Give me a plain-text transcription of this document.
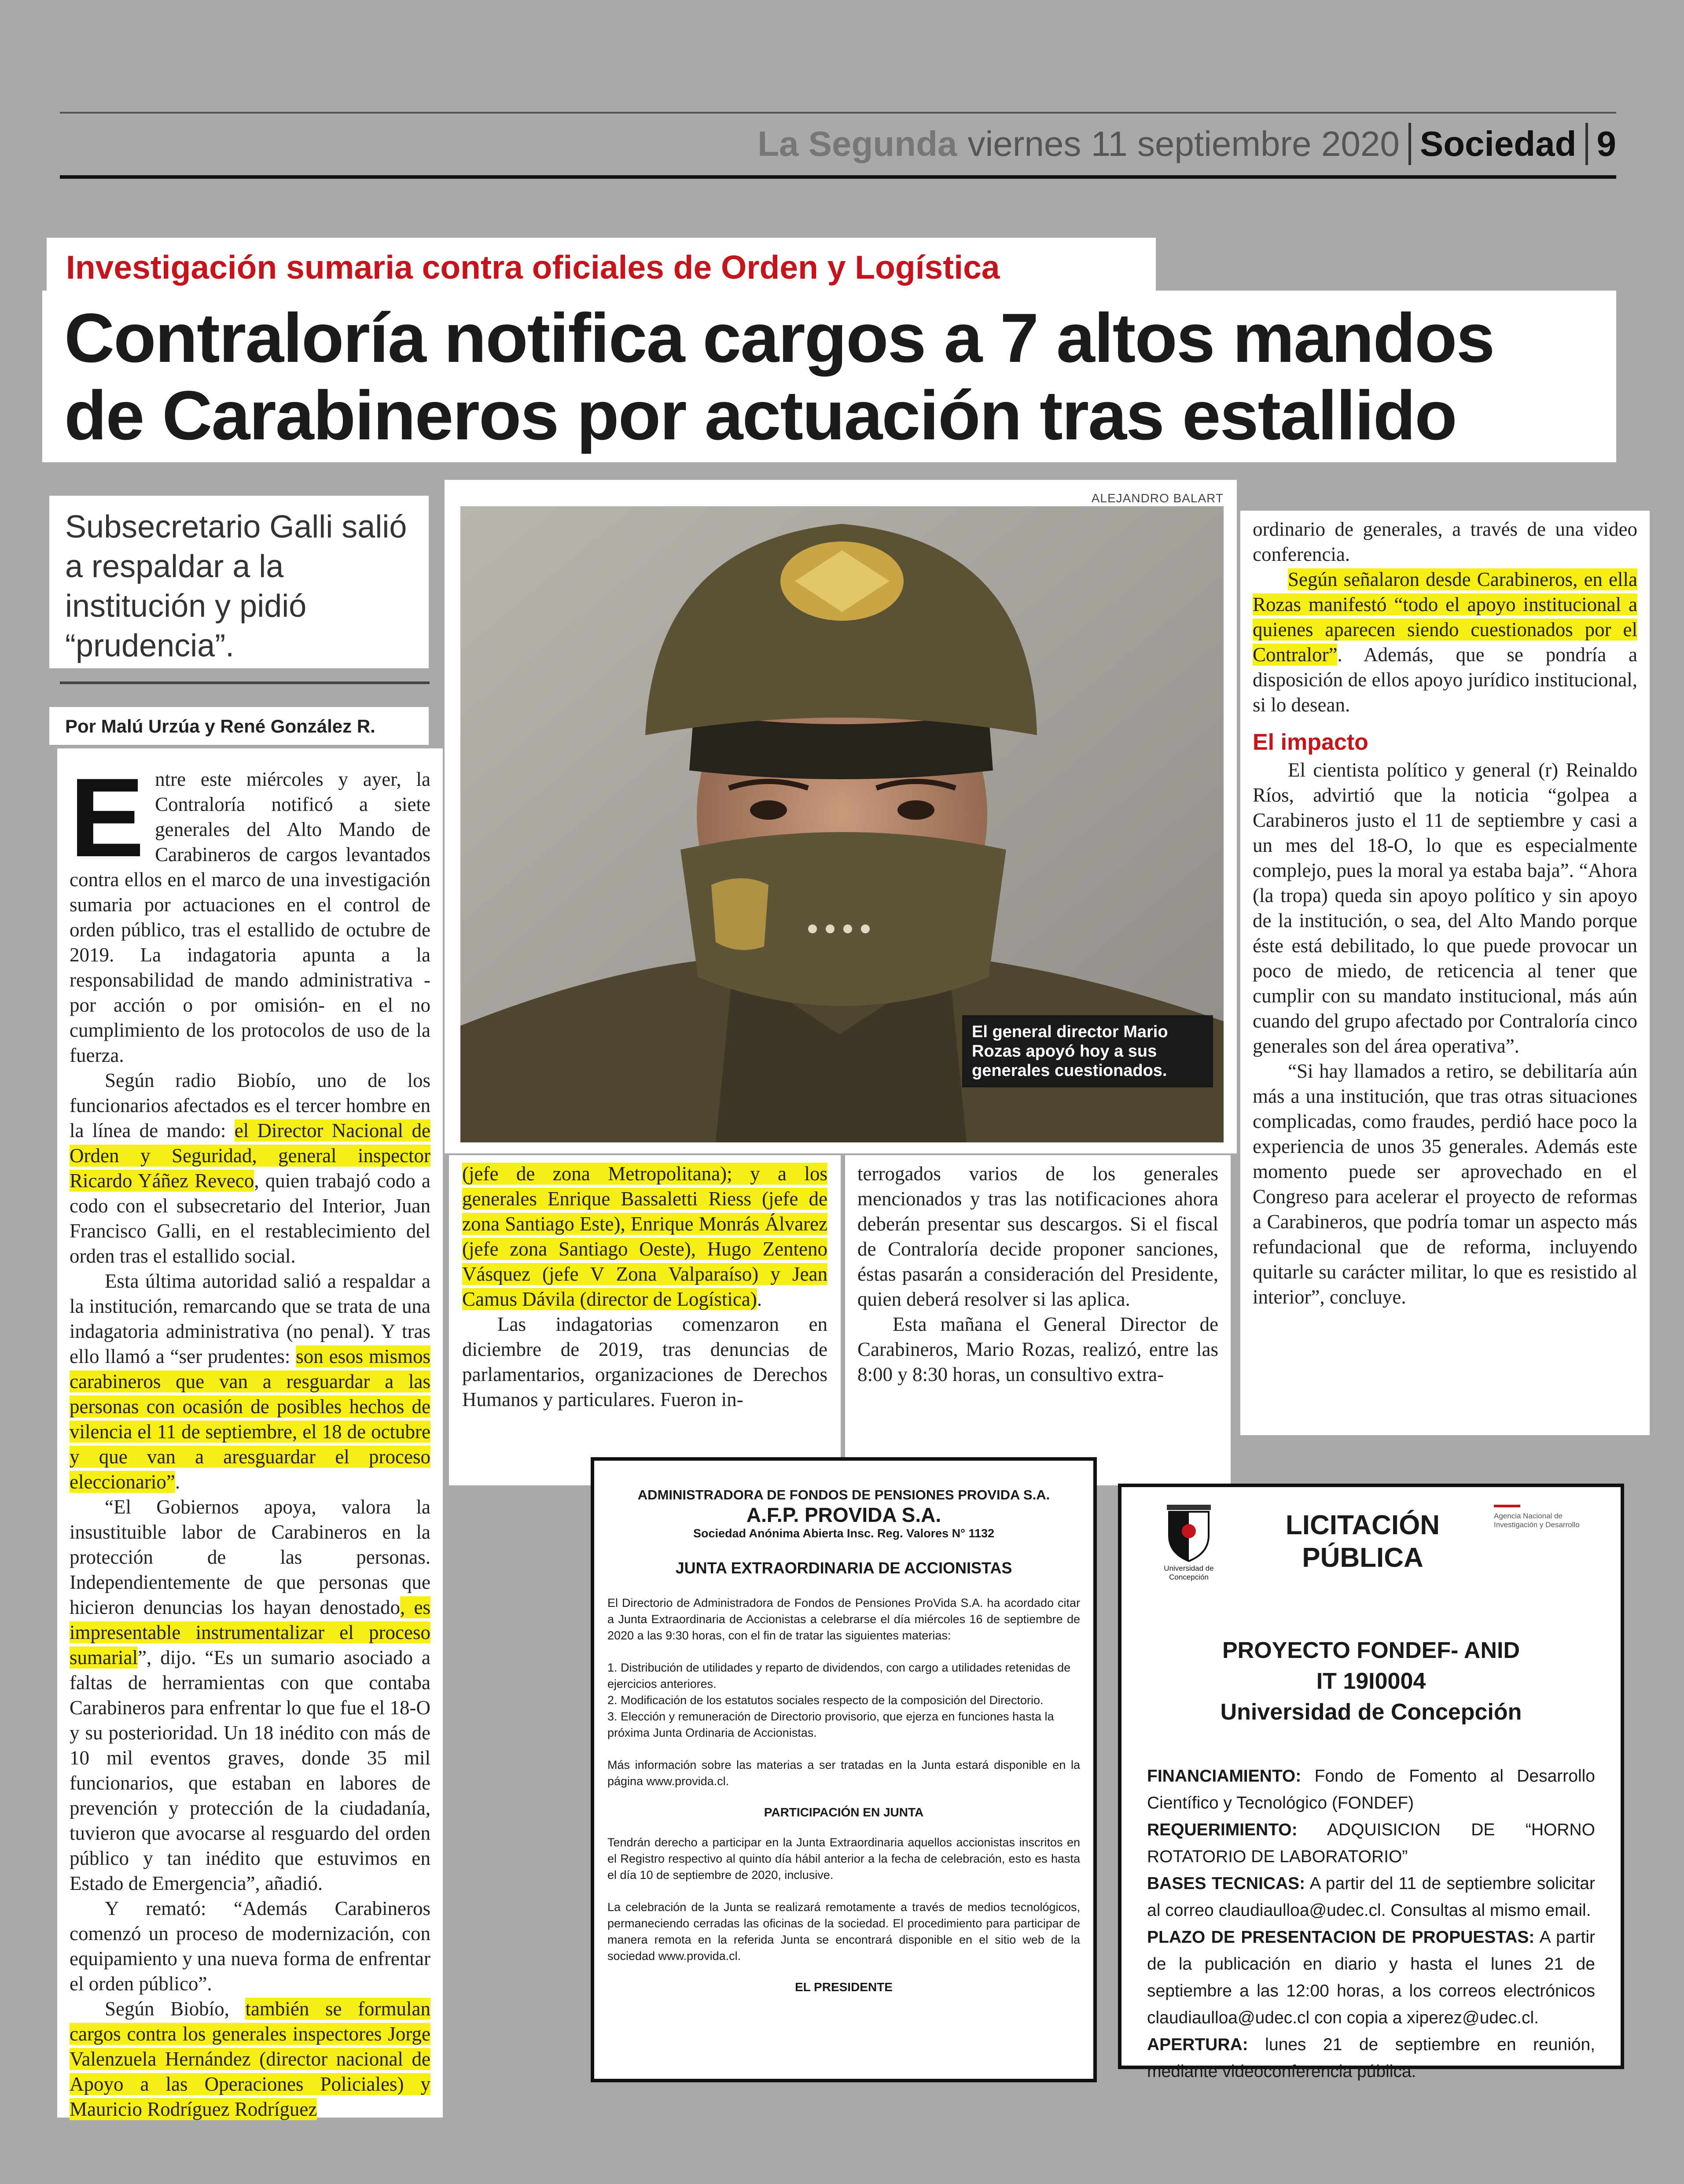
La Segunda viernes 11 septiembre 2020 Sociedad 9
Investigación sumaria contra oficiales de Orden y Logística
Contraloría notifica cargos a 7 altos mandos
de Carabineros por actuación tras estallido
Subsecretario Galli salió a respaldar a la institución y pidió “prudencia”.
Por Malú Urzúa y René González R.

Entre este miércoles y ayer, la Contraloría notificó a siete generales del Alto Mando de Carabineros de cargos levantados contra ellos en el marco de una investigación sumaria por actuaciones en el control de orden público, tras el estallido de octubre de 2019. La indagatoria apunta a la responsabilidad de mando administrativa -por acción o por omisión- en el no cumplimiento de los protocolos de uso de la fuerza.

Según radio Biobío, uno de los funcionarios afectados es el tercer hombre en la línea de mando: el Director Nacional de Orden y Seguridad, general inspector Ricardo Yáñez Reveco, quien trabajó codo a codo con el subsecretario del Interior, Juan Francisco Galli, en el restablecimiento del orden tras el estallido social.

Esta última autoridad salió a respaldar a la institución, remarcando que se trata de una indagatoria administrativa (no penal). Y tras ello llamó a “ser prudentes: son esos mismos carabineros que van a resguardar a las personas con ocasión de posibles hechos de vilencia el 11 de septiembre, el 18 de octubre y que van a aresguardar el proceso eleccionario”.

“El Gobiernos apoya, valora la insustituible labor de Carabineros en la protección de las personas. Independientemente de que personas que hicieron denuncias los hayan denostado, es impresentable instrumentalizar el proceso sumarial”, dijo. “Es un sumario asociado a faltas de herramientas con que contaba Carabineros para enfrentar lo que fue el 18-O y su posterioridad. Un 18 inédito con más de 10 mil eventos graves, donde 35 mil funcionarios, que estaban en labores de prevención y protección de la ciudadanía, tuvieron que avocarse al resguardo del orden público y tan inédito que estuvimos en Estado de Emergencia”, añadió.

Y remató: “Además Carabineros comenzó un proceso de modernización, con equipamiento y una nueva forma de enfrentar el orden público”.

Según Biobío, también se formulan cargos contra los generales inspectores Jorge Valenzuela Hernández (director nacional de Apoyo a las Operaciones Policiales) y Mauricio Rodríguez Rodríguez

ALEJANDRO BALART
El general director Mario Rozas apoyó hoy a sus generales cuestionados.

(jefe de zona Metropolitana); y a los generales Enrique Bassaletti Riess (jefe de zona Santiago Este), Enrique Monrás Álvarez (jefe zona Santiago Oeste), Hugo Zenteno Vásquez (jefe V Zona Valparaíso) y Jean Camus Dávila (director de Logística).

Las indagatorias comenzaron en diciembre de 2019, tras denuncias de parlamentarios, organizaciones de Derechos Humanos y particulares. Fueron in-

terrogados varios de los generales mencionados y tras las notificaciones ahora deberán presentar sus descargos. Si el fiscal de Contraloría decide proponer sanciones, éstas pasarán a consideración del Presidente, quien deberá resolver si las aplica.

Esta mañana el General Director de Carabineros, Mario Rozas, realizó, entre las 8:00 y 8:30 horas, un consultivo extra-

ordinario de generales, a través de una video conferencia.

Según señalaron desde Carabineros, en ella Rozas manifestó “todo el apoyo institucional a quienes aparecen siendo cuestionados por el Contralor”. Además, que se pondría a disposición de ellos apoyo jurídico institucional, si lo desean.

El impacto

El cientista político y general (r) Reinaldo Ríos, advirtió que la noticia “golpea a Carabineros justo el 11 de septiembre y casi a un mes del 18-O, lo que es especialmente complejo, pues la moral ya estaba baja”. “Ahora (la tropa) queda sin apoyo político y sin apoyo de la institución, o sea, del Alto Mando porque éste está debilitado, lo que puede provocar un poco de miedo, de reticencia al tener que cumplir con su mandato institucional, más aún cuando del grupo afectado por Contraloría cinco generales son del área operativa”.

“Si hay llamados a retiro, se debilitaría aún más a una institución, que tras otras situaciones complicadas, como fraudes, perdió hace poco la experiencia de unos 35 generales. Además este momento puede ser aprovechado en el Congreso para acelerar el proyecto de reformas a Carabineros, que podría tomar un aspecto más refundacional que de reforma, incluyendo quitarle su carácter militar, lo que es resistido al interior”, concluye.

ADMINISTRADORA DE FONDOS DE PENSIONES PROVIDA S.A.
A.F.P. PROVIDA S.A.
Sociedad Anónima Abierta Insc. Reg. Valores N° 1132
JUNTA EXTRAORDINARIA DE ACCIONISTAS
El Directorio de Administradora de Fondos de Pensiones ProVida S.A. ha acordado citar a Junta Extraordinaria de Accionistas a celebrarse el día miércoles 16 de septiembre de 2020 a las 9:30 horas, con el fin de tratar las siguientes materias:
1. Distribución de utilidades y reparto de dividendos, con cargo a utilidades retenidas de ejercicios anteriores.
2. Modificación de los estatutos sociales respecto de la composición del Directorio.
3. Elección y remuneración de Directorio provisorio, que ejerza en funciones hasta la próxima Junta Ordinaria de Accionistas.
Más información sobre las materias a ser tratadas en la Junta estará disponible en la página www.provida.cl.
PARTICIPACIÓN EN JUNTA
Tendrán derecho a participar en la Junta Extraordinaria aquellos accionistas inscritos en el Registro respectivo al quinto día hábil anterior a la fecha de celebración, esto es hasta el día 10 de septiembre de 2020, inclusive.
La celebración de la Junta se realizará remotamente a través de medios tecnológicos, permaneciendo cerradas las oficinas de la sociedad. El procedimiento para participar de manera remota en la referida Junta se encontrará disponible en el sitio web de la sociedad www.provida.cl.
EL PRESIDENTE
Universidad de Concepción
LICITACIÓN
PÚBLICA
Agencia Nacional de Investigación y Desarrollo
PROYECTO FONDEF- ANID
IT 19I0004
Universidad de Concepción
FINANCIAMIENTO: Fondo de Fomento al Desarrollo Científico y Tecnológico (FONDEF)
REQUERIMIENTO: ADQUISICION DE “HORNO ROTATORIO DE LABORATORIO”
BASES TECNICAS: A partir del 11 de septiembre solicitar al correo claudiaulloa@udec.cl. Consultas al mismo email.
PLAZO DE PRESENTACION DE PROPUESTAS: A partir de la publicación en diario y hasta el lunes 21 de septiembre a las 12:00 horas, a los correos electrónicos claudiaulloa@udec.cl con copia a xiperez@udec.cl.
APERTURA: lunes 21 de septiembre en reunión, mediante videoconferencia pública.
